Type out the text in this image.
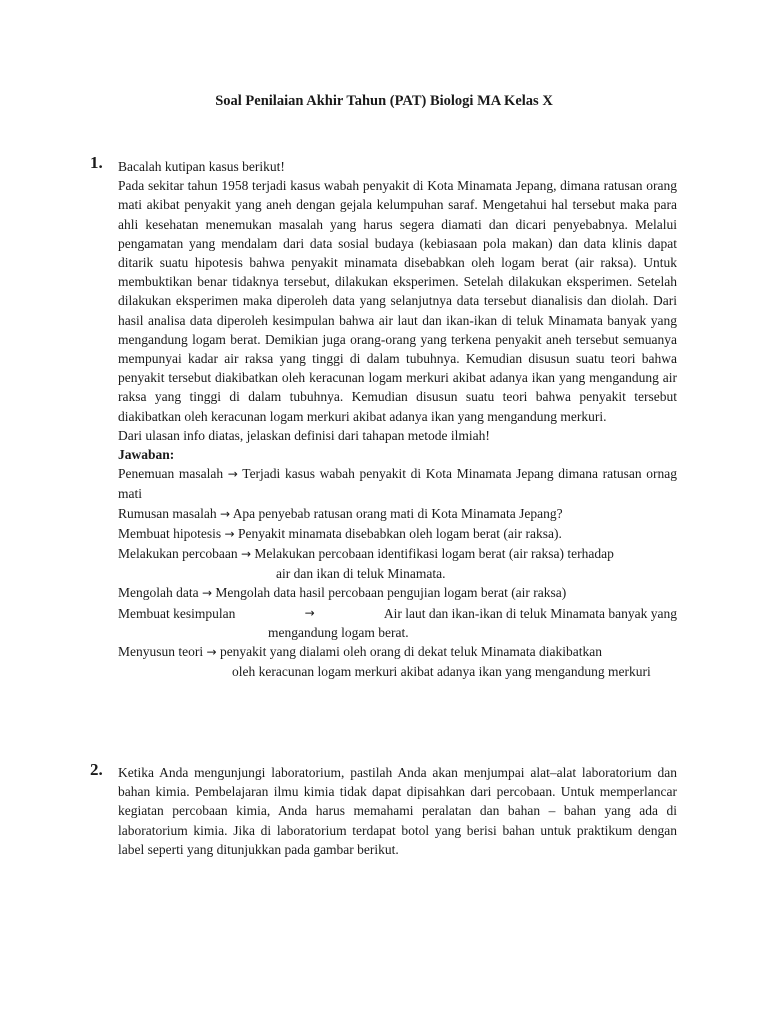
Soal Penilaian Akhir Tahun (PAT) Biologi MA Kelas X
1. Bacalah kutipan kasus berikut!
Pada sekitar tahun 1958 terjadi kasus wabah penyakit di Kota Minamata Jepang, dimana ratusan orang mati akibat penyakit yang aneh dengan gejala kelumpuhan saraf. Mengetahui hal tersebut maka para ahli kesehatan menemukan masalah yang harus segera diamati dan dicari penyebabnya. Melalui pengamatan yang mendalam dari data sosial budaya (kebiasaan pola makan) dan data klinis dapat ditarik suatu hipotesis bahwa penyakit minamata disebabkan oleh logam berat (air raksa). Untuk membuktikan benar tidaknya tersebut, dilakukan eksperimen. Setelah dilakukan eksperimen. Setelah dilakukan eksperimen maka diperoleh data yang selanjutnya data tersebut dianalisis dan diolah. Dari hasil analisa data diperoleh kesimpulan bahwa air laut dan ikan-ikan di teluk Minamata banyak yang mengandung logam berat. Demikian juga orang-orang yang terkena penyakit aneh tersebut semuanya mempunyai kadar air raksa yang tinggi di dalam tubuhnya. Kemudian disusun suatu teori bahwa penyakit tersebut diakibatkan oleh keracunan logam merkuri akibat adanya ikan yang mengandung air raksa yang tinggi di dalam tubuhnya. Kemudian disusun suatu teori bahwa penyakit tersebut diakibatkan oleh keracunan logam merkuri akibat adanya ikan yang mengandung merkuri.
Dari ulasan info diatas, jelaskan definisi dari tahapan metode ilmiah!
Jawaban:
Penemuan masalah → Terjadi kasus wabah penyakit di Kota Minamata Jepang dimana ratusan ornag mati
Rumusan masalah → Apa penyebab ratusan orang mati di Kota Minamata Jepang?
Membuat hipotesis → Penyakit minamata disebabkan oleh logam berat (air raksa).
Melakukan percobaan → Melakukan percobaan identifikasi logam berat (air raksa) terhadap
air dan ikan di teluk Minamata.
Mengolah data → Mengolah data hasil percobaan pengujian logam berat (air raksa)
Membuat kesimpulan	→	Air laut dan ikan-ikan di teluk Minamata banyak yang
mengandung logam berat.
Menyusun teori → penyakit yang dialami oleh orang di dekat teluk Minamata diakibatkan
oleh keracunan logam merkuri akibat adanya ikan yang mengandung merkuri
2. Ketika Anda mengunjungi laboratorium, pastilah Anda akan menjumpai alat–alat laboratorium dan bahan kimia. Pembelajaran ilmu kimia tidak dapat dipisahkan dari percobaan. Untuk memperlancar kegiatan percobaan kimia, Anda harus memahami peralatan dan bahan – bahan yang ada di laboratorium kimia. Jika di laboratorium terdapat botol yang berisi bahan untuk praktikum dengan label seperti yang ditunjukkan pada gambar berikut.
